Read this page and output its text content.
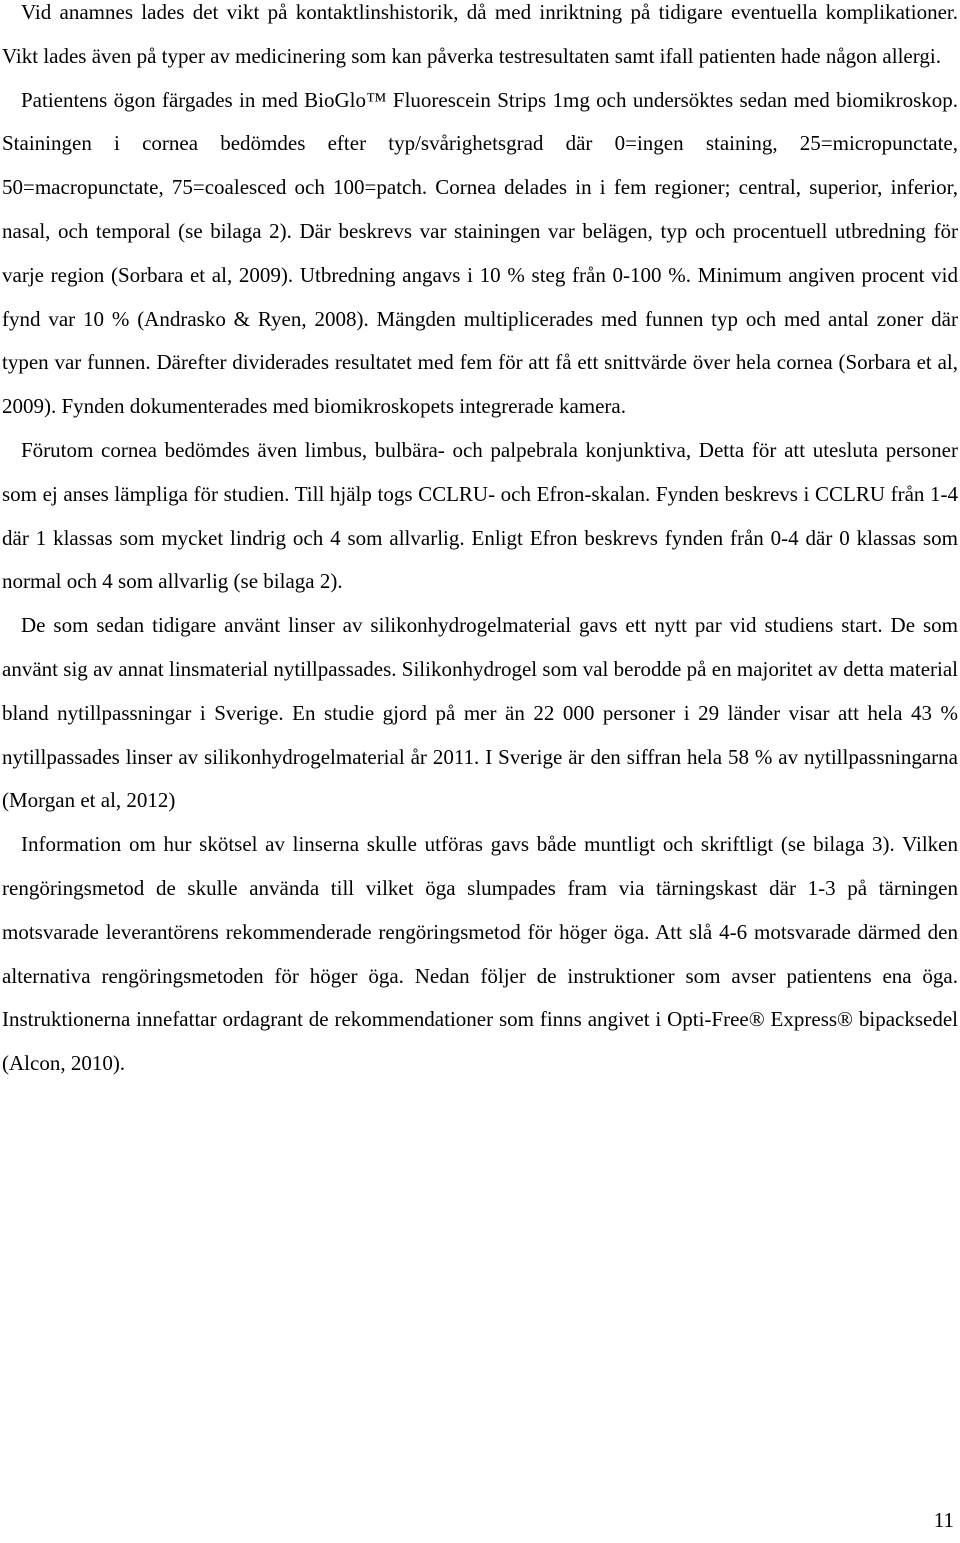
Vid anamnes lades det vikt på kontaktlinshistorik, då med inriktning på tidigare eventuella komplikationer. Vikt lades även på typer av medicinering som kan påverka testresultaten samt ifall patienten hade någon allergi.

Patientens ögon färgades in med BioGlo™ Fluorescein Strips 1mg och undersöktes sedan med biomikroskop. Stainingen i cornea bedömdes efter typ/svårighetsgrad där 0=ingen staining, 25=micropunctate, 50=macropunctate, 75=coalesced och 100=patch. Cornea delades in i fem regioner; central, superior, inferior, nasal, och temporal (se bilaga 2). Där beskrevs var stainingen var belägen, typ och procentuell utbredning för varje region (Sorbara et al, 2009). Utbredning angavs i 10 % steg från 0-100 %. Minimum angiven procent vid fynd var 10 % (Andrasko & Ryen, 2008). Mängden multiplicerades med funnen typ och med antal zoner där typen var funnen. Därefter dividerades resultatet med fem för att få ett snittvärde över hela cornea (Sorbara et al, 2009). Fynden dokumenterades med biomikroskopets integrerade kamera.

Förutom cornea bedömdes även limbus, bulbära- och palpebrala konjunktiva, Detta för att utesluta personer som ej anses lämpliga för studien. Till hjälp togs CCLRU- och Efron-skalan. Fynden beskrevs i CCLRU från 1-4 där 1 klassas som mycket lindrig och 4 som allvarlig. Enligt Efron beskrevs fynden från 0-4 där 0 klassas som normal och 4 som allvarlig (se bilaga 2).

De som sedan tidigare använt linser av silikonhydrogelmaterial gavs ett nytt par vid studiens start. De som använt sig av annat linsmaterial nytillpassades. Silikonhydrogel som val berodde på en majoritet av detta material bland nytillpassningar i Sverige. En studie gjord på mer än 22 000 personer i 29 länder visar att hela 43 % nytillpassades linser av silikonhydrogelmaterial år 2011. I Sverige är den siffran hela 58 % av nytillpassningarna (Morgan et al, 2012)

Information om hur skötsel av linserna skulle utföras gavs både muntligt och skriftligt (se bilaga 3). Vilken rengöringsmetod de skulle använda till vilket öga slumpades fram via tärningskast där 1-3 på tärningen motsvarade leverantörens rekommenderade rengöringsmetod för höger öga. Att slå 4-6 motsvarade därmed den alternativa rengöringsmetoden för höger öga. Nedan följer de instruktioner som avser patientens ena öga. Instruktionerna innefattar ordagrant de rekommendationer som finns angivet i Opti-Free® Express® bipacksedel (Alcon, 2010).

11
